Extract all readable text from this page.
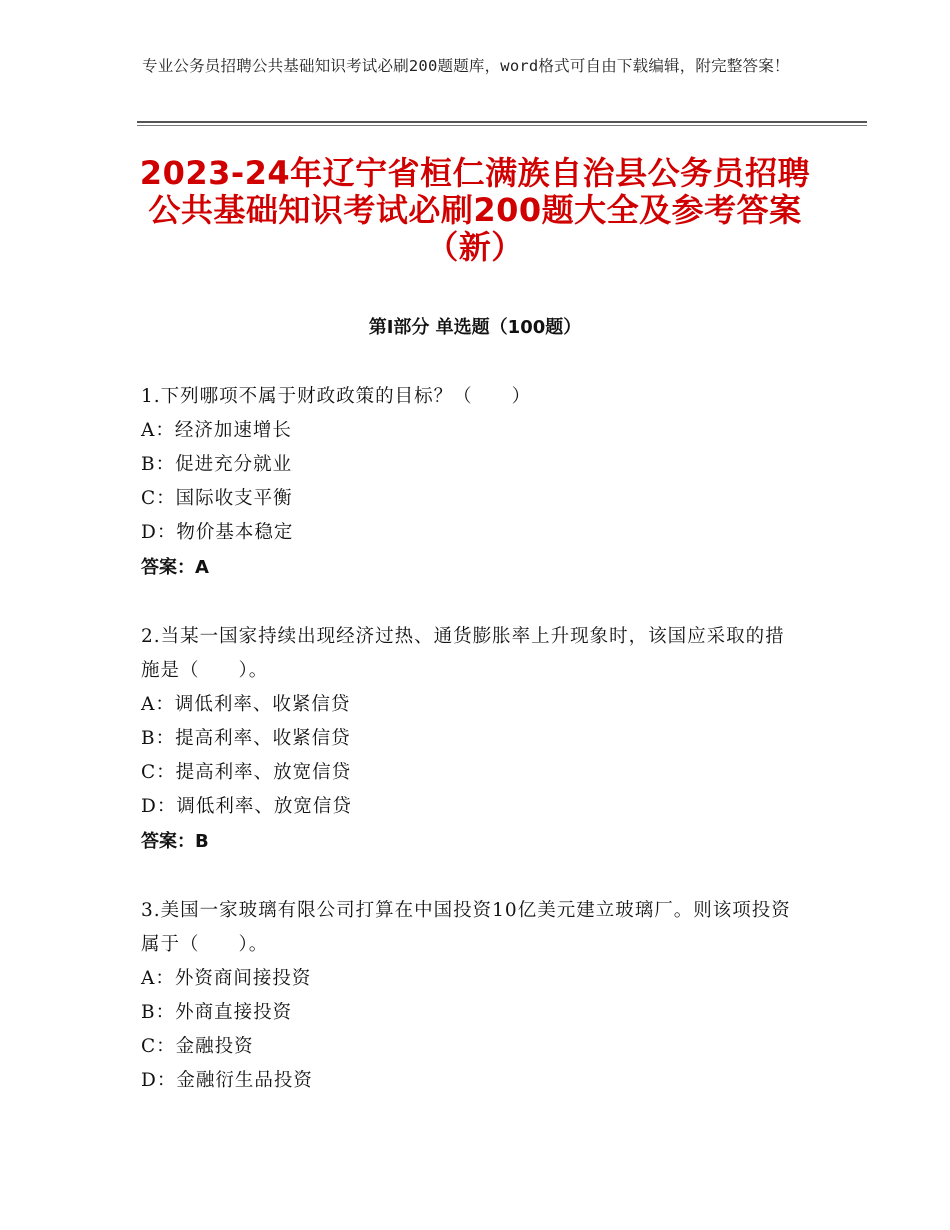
专业公务员招聘公共基础知识考试必刷200题题库，word格式可自由下载编辑，附完整答案！
2023-24年辽宁省桓仁满族自治县公务员招聘公共基础知识考试必刷200题大全及参考答案（新）
第Ⅰ部分 单选题（100题）
1.下列哪项不属于财政政策的目标？（　　）
A：经济加速增长
B：促进充分就业
C：国际收支平衡
D：物价基本稳定
答案：A
2.当某一国家持续出现经济过热、通货膨胀率上升现象时，该国应采取的措施是（　　）。
A：调低利率、收紧信贷
B：提高利率、收紧信贷
C：提高利率、放宽信贷
D：调低利率、放宽信贷
答案：B
3.美国一家玻璃有限公司打算在中国投资10亿美元建立玻璃厂。则该项投资属于（　　）。
A：外资商间接投资
B：外商直接投资
C：金融投资
D：金融衍生品投资
